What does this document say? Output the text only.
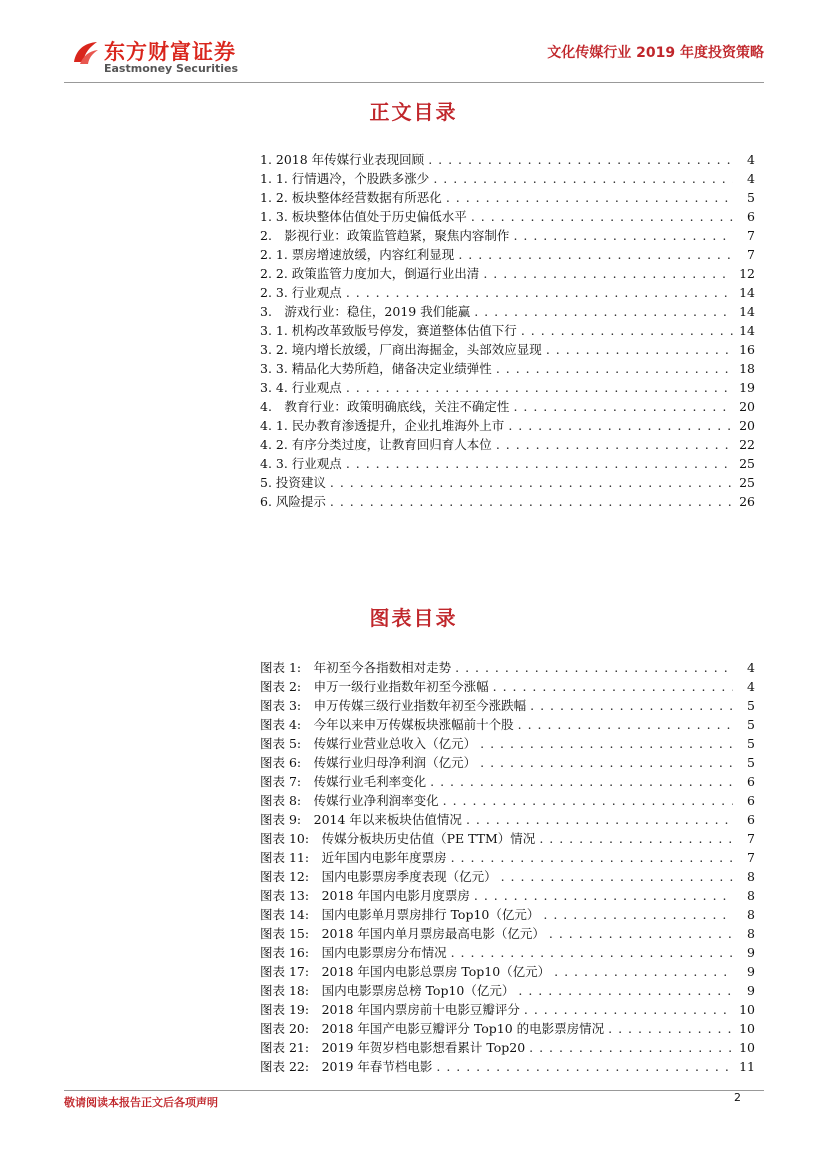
东方财富证券
Eastmoney Securities
文化传媒行业 2019 年度投资策略
正文目录
1. 2018 年传媒行业表现回顾 . . .	4
1. 1. 行情遇冷，个股跌多涨少 . . .	4
1. 2. 板块整体经营数据有所恶化 . . .	5
1. 3. 板块整体估值处于历史偏低水平 . . .	6
2.　影视行业：政策监管趋紧，聚焦内容制作 . . .	7
2. 1. 票房增速放缓，内容红利显现 . . .	7
2. 2. 政策监管力度加大，倒逼行业出清 . . .	12
2. 3. 行业观点 . . .	14
3.　游戏行业：稳住，2019 我们能赢 . . .	14
3. 1. 机构改革致版号停发，赛道整体估值下行 . . .	14
3. 2. 境内增长放缓，厂商出海掘金，头部效应显现 . . .	16
3. 3. 精品化大势所趋，储备决定业绩弹性 . . .	18
3. 4. 行业观点 . . .	19
4.　教育行业：政策明确底线，关注不确定性 . . .	20
4. 1. 民办教育渗透提升，企业扎堆海外上市 . . .	20
4. 2. 有序分类过度，让教育回归育人本位 . . .	22
4. 3. 行业观点 . . .	25
5. 投资建议 . . .	25
6. 风险提示 . . .	26
图表目录
图表 1:　年初至今各指数相对走势 . . .	4
图表 2:　申万一级行业指数年初至今涨幅 . . .	4
图表 3:　申万传媒三级行业指数年初至今涨跌幅 . . .	5
图表 4:　今年以来申万传媒板块涨幅前十个股 . . .	5
图表 5:　传媒行业营业总收入（亿元） . . .	5
图表 6:　传媒行业归母净利润（亿元） . . .	5
图表 7:　传媒行业毛利率变化 . . .	6
图表 8:　传媒行业净利润率变化 . . .	6
图表 9:　2014 年以来板块估值情况 . . .	6
图表 10:　传媒分板块历史估值（PE TTM）情况 . . .	7
图表 11:　近年国内电影年度票房 . . .	7
图表 12:　国内电影票房季度表现（亿元） . . .	8
图表 13:　2018 年国内电影月度票房 . . .	8
图表 14:　国内电影单月票房排行 Top10（亿元） . . .	8
图表 15:　2018 年国内单月票房最高电影（亿元） . . .	8
图表 16:　国内电影票房分布情况 . . .	9
图表 17:　2018 年国内电影总票房 Top10（亿元） . . .	9
图表 18:　国内电影票房总榜 Top10（亿元） . . .	9
图表 19:　2018 年国内票房前十电影豆瓣评分 . . .	10
图表 20:　2018 年国产电影豆瓣评分 Top10 的电影票房情况 . . .	10
图表 21:　2019 年贺岁档电影想看累计 Top20 . . .	10
图表 22:　2019 年春节档电影 . . .	11
敬请阅读本报告正文后各项声明	2
